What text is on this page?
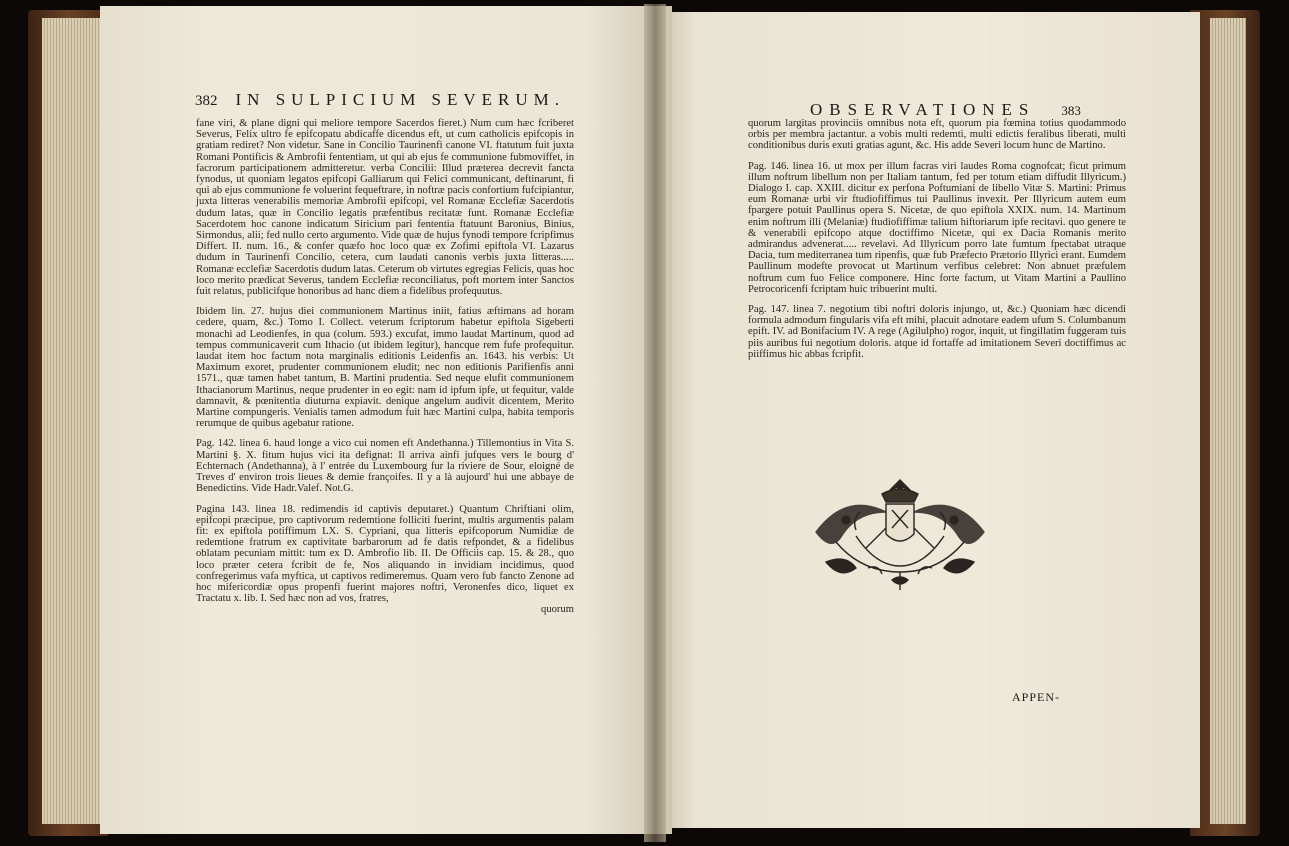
382 IN SULPICIUM SEVERUM.

fane viri, & plane digni qui meliore tempore Sacerdos fieret.) Num cum hæc fcriberet Severus, Felix ultro fe epifcopatu abdicaffe dicendus eft, ut cum catholicis epifcopis in gratiam rediret? Non videtur. Sane in Concilio Taurinenfi canone VI. ftatutum fuit juxta Romani Pontificis & Ambrofii fententiam, ut qui ab ejus fe communione fubmoviffet, in facrorum participationem admitteretur. verba Concilii: Illud præterea decrevit fancta fynodus, ut quoniam legatos epifcopi Galliarum qui Felici communicant, deftinarunt, fi qui ab ejus communione fe voluerint fequeftrare, in noftræ pacis confortium fufcipiantur, juxta litteras venerabilis memoriæ Ambrofii epifcopi, vel Romanæ Ecclefiæ Sacerdotis dudum latas, quæ in Concilio legatis præfentibus recitatæ funt. Romanæ Ecclefiæ Sacerdotem hoc canone indicatum Siricium pari fententia ftatuunt Baronius, Binius, Sirmondus, alii; fed nullo certo argumento. Vide quæ de hujus fynodi tempore fcripfimus Differt. II. num. 16., & confer quæfo hoc loco quæ ex Zofimi epiftola VI. Lazarus dudum in Taurinenfi Concilio, cetera, cum laudati canonis verbis juxta litteras..... Romanæ ecclefiæ Sacerdotis dudum latas. Ceterum ob virtutes egregias Felicis, quas hoc loco merito prædicat Severus, tandem Ecclefiæ reconciliatus, poft mortem inter Sanctos fuit relatus, publicifque honoribus ad hanc diem a fidelibus profequutus.

Ibidem lin. 27. hujus diei communionem Martinus iniit, fatius æftimans ad horam cedere, quam, &c.) Tomo I. Collect. veterum fcriptorum habetur epiftola Sigeberti monachi ad Leodienfes, in qua (colum. 593.) excufat, immo laudat Martinum, quod ad tempus communicaverit cum Ithacio (ut ibidem legitur), hancque rem fufe profequitur. laudat item hoc factum nota marginalis editionis Leidenfis an. 1643. his verbis: Ut Maximum exoret, prudenter communionem eludit; nec non editionis Parifienfis anni 1571., quæ tamen habet tantum, B. Martini prudentia. Sed neque elufit communionem Ithacianorum Martinus, neque prudenter in eo egit: nam id ipfum ipfe, ut fequitur, valde damnavit, & pœnitentia diuturna expiavit. denique angelum audivit dicentem, Merito Martine compungeris. Venialis tamen admodum fuit hæc Martini culpa, habita temporis rerumque de quibus agebatur ratione.

Pag. 142. linea 6. haud longe a vico cui nomen eft Andethanna.) Tillemontius in Vita S. Martini §. X. fitum hujus vici ita defignat: Il arriva ainfi jufques vers le bourg d' Echternach (Andethanna), à l' entrée du Luxembourg fur la riviere de Sour, eloigné de Treves d' environ trois lieues & demie françoifes. Il y a là aujourd' hui une abbaye de Benedictins. Vide Hadr.Valef. Not.G.

Pagina 143. linea 18. redimendis id captivis deputaret.) Quantum Chriftiani olim, epifcopi præcipue, pro captivorum redemtione folliciti fuerint, multis argumentis palam fit: ex epiftola potiffimum LX. S. Cypriani, qua litteris epifcoporum Numidiæ de redemtione fratrum ex captivitate barbarorum ad fe datis refpondet, & a fidelibus oblatam pecuniam mittit: tum ex D. Ambrofio lib. II. De Officiis cap. 15. & 28., quo loco præter cetera fcribit de fe, Nos aliquando in invidiam incidimus, quod confregerimus vafa myftica, ut captivos redimeremus. Quam vero fub fancto Zenone ad hoc mifericordiæ opus propenfi fuerint majores noftri, Veronenfes dico, liquet ex Tractatu x. lib. I. Sed hæc non ad vos, fratres,

quorum
OBSERVATIONES 383

quorum largitas provinciis omnibus nota eft, quorum pia fœmina totius quodammodo orbis per membra jactantur. a vobis multi redemti, multi edictis feralibus liberati, multi conditionibus duris exuti gratias agunt, &c. His adde Severi locum hunc de Martino.

Pag. 146. linea 16. ut mox per illum facras viri laudes Roma cognofcat; ficut primum illum noftrum libellum non per Italiam tantum, fed per totum etiam diffudit Illyricum.) Dialogo I. cap. XXIII. dicitur ex perfona Poftumiani de libello Vitæ S. Martini: Primus eum Romanæ urbi vir ftudiofiffimus tui Paullinus invexit. Per Illyricum autem eum fpargere potuit Paullinus opera S. Nicetæ, de quo epiftola XXIX. num. 14. Martinum enim noftrum illi (Melaniæ) ftudiofiffimæ talium hiftoriarum ipfe recitavi. quo genere te & venerabili epifcopo atque doctiffimo Nicetæ, qui ex Dacia Romanis merito admirandus advenerat..... revelavi. Ad Illyricum porro late fumtum fpectabat utraque Dacia, tum mediterranea tum ripenfis, quæ fub Præfecto Prætorio Illyrici erant. Eumdem Paullinum modefte provocat ut Martinum verfibus celebret: Non abnuet præfulem noftrum cum fuo Felice componere. Hinc forte factum, ut Vitam Martini a Paullino Petrocoricenfi fcriptam huic tribuerint multi.

Pag. 147. linea 7. negotium tibi noftri doloris injungo, ut, &c.) Quoniam hæc dicendi formula admodum fingularis vifa eft mihi, placuit adnotare eadem ufum S. Columbanum epift. IV. ad Bonifacium IV. A rege (Agilulpho) rogor, inquit, ut fingillatim fuggeram tuis piis auribus fui negotium doloris. atque id fortaffe ad imitationem Severi doctiffimus ac piiffimus hic abbas fcripfit.

APPEN-
